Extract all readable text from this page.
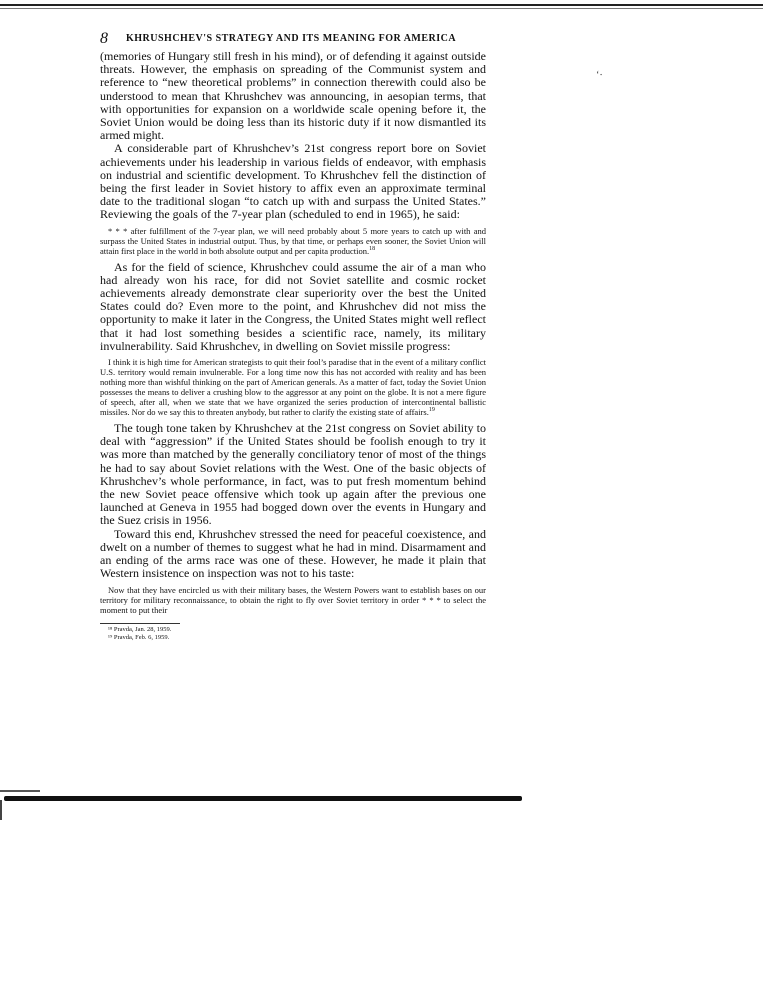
8 KHRUSHCHEV'S STRATEGY AND ITS MEANING FOR AMERICA
‘⋅

(memories of Hungary still fresh in his mind), or of defending it against outside threats. However, the emphasis on spreading of the Communist system and reference to “new theoretical problems” in connection therewith could also be understood to mean that Khrushchev was announcing, in aesopian terms, that with opportunities for expansion on a worldwide scale opening before it, the Soviet Union would be doing less than its historic duty if it now dismantled its armed might.

A considerable part of Khrushchev’s 21st congress report bore on Soviet achievements under his leadership in various fields of endeavor, with emphasis on industrial and scientific development. To Khrushchev fell the distinction of being the first leader in Soviet history to affix even an approximate terminal date to the traditional slogan “to catch up with and surpass the United States.” Reviewing the goals of the 7-year plan (scheduled to end in 1965), he said:

* * * after fulfillment of the 7-year plan, we will need probably about 5 more years to catch up with and surpass the United States in industrial output. Thus, by that time, or perhaps even sooner, the Soviet Union will attain first place in the world in both absolute output and per capita production.$^{18}$

As for the field of science, Khrushchev could assume the air of a man who had already won his race, for did not Soviet satellite and cosmic rocket achievements already demonstrate clear superiority over the best the United States could do? Even more to the point, and Khrushchev did not miss the opportunity to make it later in the Congress, the United States might well reflect that it had lost something besides a scientific race, namely, its military invulnerability. Said Khrushchev, in dwelling on Soviet missile progress:

I think it is high time for American strategists to quit their fool’s paradise that in the event of a military conflict U.S. territory would remain invulnerable. For a long time now this has not accorded with reality and has been nothing more than wishful thinking on the part of American generals. As a matter of fact, today the Soviet Union possesses the means to deliver a crushing blow to the aggressor at any point on the globe. It is not a mere figure of speech, after all, when we state that we have organized the series production of intercontinental ballistic missiles. Nor do we say this to threaten anybody, but rather to clarify the existing state of affairs.$^{19}$

The tough tone taken by Khrushchev at the 21st congress on Soviet ability to deal with “aggression” if the United States should be foolish enough to try it was more than matched by the generally conciliatory tenor of most of the things he had to say about Soviet relations with the West. One of the basic objects of Khrushchev’s whole performance, in fact, was to put fresh momentum behind the new Soviet peace offensive which took up again after the previous one launched at Geneva in 1955 had bogged down over the events in Hungary and the Suez crisis in 1956.

Toward this end, Khrushchev stressed the need for peaceful coexistence, and dwelt on a number of themes to suggest what he had in mind. Disarmament and an ending of the arms race was one of these. However, he made it plain that Western insistence on inspection was not to his taste:

Now that they have encircled us with their military bases, the Western Powers want to establish bases on our territory for military reconnaissance, to obtain the right to fly over Soviet territory in order * * * to select the moment to put their

¹⁸ Pravda, Jan. 28, 1959.
¹⁹ Pravda, Feb. 6, 1959.
